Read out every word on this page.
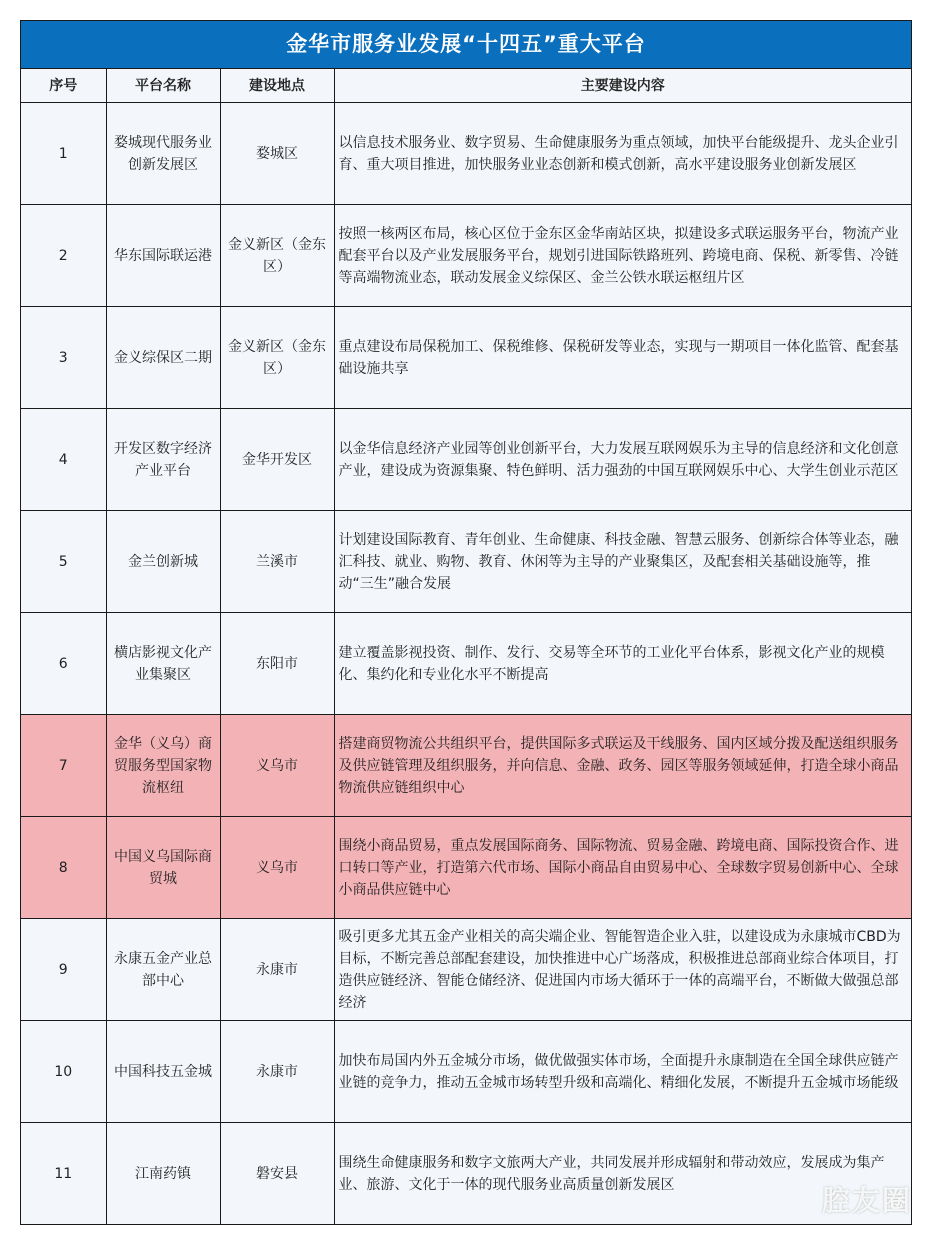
金华市服务业发展“十四五”重大平台
序号	平台名称	建设地点	主要建设内容
1	婺城现代服务业创新发展区	婺城区	以信息技术服务业、数字贸易、生命健康服务为重点领域，加快平台能级提升、龙头企业引育、重大项目推进，加快服务业业态创新和模式创新，高水平建设服务业创新发展区
2	华东国际联运港	金义新区（金东区）	按照一核两区布局，核心区位于金东区金华南站区块，拟建设多式联运服务平台，物流产业配套平台以及产业发展服务平台，规划引进国际铁路班列、跨境电商、保税、新零售、冷链等高端物流业态，联动发展金义综保区、金兰公铁水联运枢纽片区
3	金义综保区二期	金义新区（金东区）	重点建设布局保税加工、保税维修、保税研发等业态，实现与一期项目一体化监管、配套基础设施共享
4	开发区数字经济产业平台	金华开发区	以金华信息经济产业园等创业创新平台，大力发展互联网娱乐为主导的信息经济和文化创意产业，建设成为资源集聚、特色鲜明、活力强劲的中国互联网娱乐中心、大学生创业示范区
5	金兰创新城	兰溪市	计划建设国际教育、青年创业、生命健康、科技金融、智慧云服务、创新综合体等业态，融汇科技、就业、购物、教育、休闲等为主导的产业聚集区，及配套相关基础设施等，推动“三生”融合发展
6	横店影视文化产业集聚区	东阳市	建立覆盖影视投资、制作、发行、交易等全环节的工业化平台体系，影视文化产业的规模化、集约化和专业化水平不断提高
7	金华（义乌）商贸服务型国家物流枢纽	义乌市	搭建商贸物流公共组织平台，提供国际多式联运及干线服务、国内区域分拨及配送组织服务及供应链管理及组织服务，并向信息、金融、政务、园区等服务领域延伸，打造全球小商品物流供应链组织中心
8	中国义乌国际商贸城	义乌市	围绕小商品贸易，重点发展国际商务、国际物流、贸易金融、跨境电商、国际投资合作、进口转口等产业，打造第六代市场、国际小商品自由贸易中心、全球数字贸易创新中心、全球小商品供应链中心
9	永康五金产业总部中心	永康市	吸引更多尤其五金产业相关的高尖端企业、智能智造企业入驻，以建设成为永康城市CBD为目标，不断完善总部配套建设，加快推进中心广场落成，积极推进总部商业综合体项目，打造供应链经济、智能仓储经济、促进国内市场大循环于一体的高端平台，不断做大做强总部经济
10	中国科技五金城	永康市	加快布局国内外五金城分市场，做优做强实体市场，全面提升永康制造在全国全球供应链产业链的竞争力，推动五金城市场转型升级和高端化、精细化发展，不断提升五金城市场能级
11	江南药镇	磐安县	围绕生命健康服务和数字文旅两大产业，共同发展并形成辐射和带动效应，发展成为集产业、旅游、文化于一体的现代服务业高质量创新发展区	腔友圈
